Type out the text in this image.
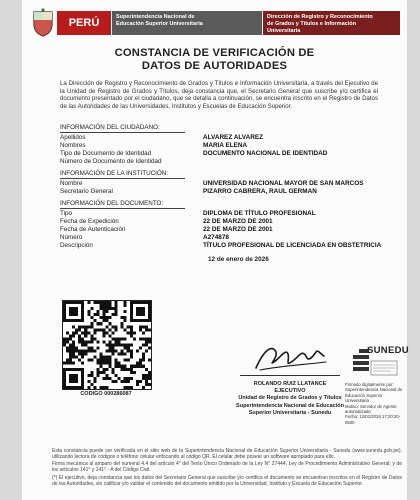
PERÚ	Superintendencia Nacional de
Educación Superior Universitaria
Dirección de Registro y Reconocimiento
de Grados y Títulos e Información
Universitaria
CONSTANCIA DE VERIFICACIÓN DE
DATOS DE AUTORIDADES
La Dirección de Registro y Reconocimiento de Grados y Títulos e Información Universitaria, a través del Ejecutivo de la Unidad de Registro de Grados y Títulos, deja constancia que, el Secretario General que suscribe y/o certifica el documento presentado por el ciudadano, que se detalla a continuación, se encuentra inscrito en el Registro de Datos de las Autoridades de las Universidades, Institutos y Escuelas de Educación Superior.
INFORMACIÓN DEL CIUDADANO:
Apellidos	ALVAREZ ALVAREZ
Nombres	MARIA ELENA
Tipo de Documento de Identidad	DOCUMENTO NACIONAL DE IDENTIDAD
Número de Documento de Identidad
INFORMACIÓN DE LA INSTITUCIÓN:
Nombre	UNIVERSIDAD NACIONAL MAYOR DE SAN MARCOS
Secretario General	PIZARRO CABRERA, RAUL GERMAN
INFORMACIÓN DEL DOCUMENTO:
Tipo	DIPLOMA DE TÍTULO PROFESIONAL
Fecha de Expedición	22 DE MARZO DE 2001
Fecha de Autenticación	22 DE MARZO DE 2001
Número	A274878
Descripción	TÍTULO PROFESIONAL DE LICENCIADA EN OBSTETRICIA
12 de enero de 2026
CODIGO 000286087
ROLANDO RUIZ LLATANCE
EJECUTIVO
Unidad de Registro de Grados y Títulos
Superintendencia Nacional de Educación
Superior Universitaria - Sunedu
SUNEDU
Firmado digitalmente por:
Superintendencia Nacional de
Educación Superior Universitaria
Motivo: Servidor de Agente
automatizado
Fecha: 12/01/2026 17:20:20-0500

Esta constancia puede ser verificada en el sitio web de la Superintendencia Nacional de Educación Superior Universitaria - Sunedu (www.sunedu.gob.pe), utilizando lectora de códigos o teléfono celular enfocando al código QR. El celular debe poseer un software apropiado para ello.

Firma mecánica al amparo del numeral 4.4 del artículo 4° del Texto Único Ordenado de la Ley N° 27444, Ley de Procedimiento Administrativo General; y de los artículos 141° y 141° - A del Código Civil.

(*) El ejecutivo, deja constancia que los datos del Secretario General que suscribe y/o certifica el documento se encuentran inscritos en el Registro de Datos de las Autoridades, sin calificar y/o validar el contenido del documento emitido por la Universidad, Instituto y Escuela de Educación Superior.
